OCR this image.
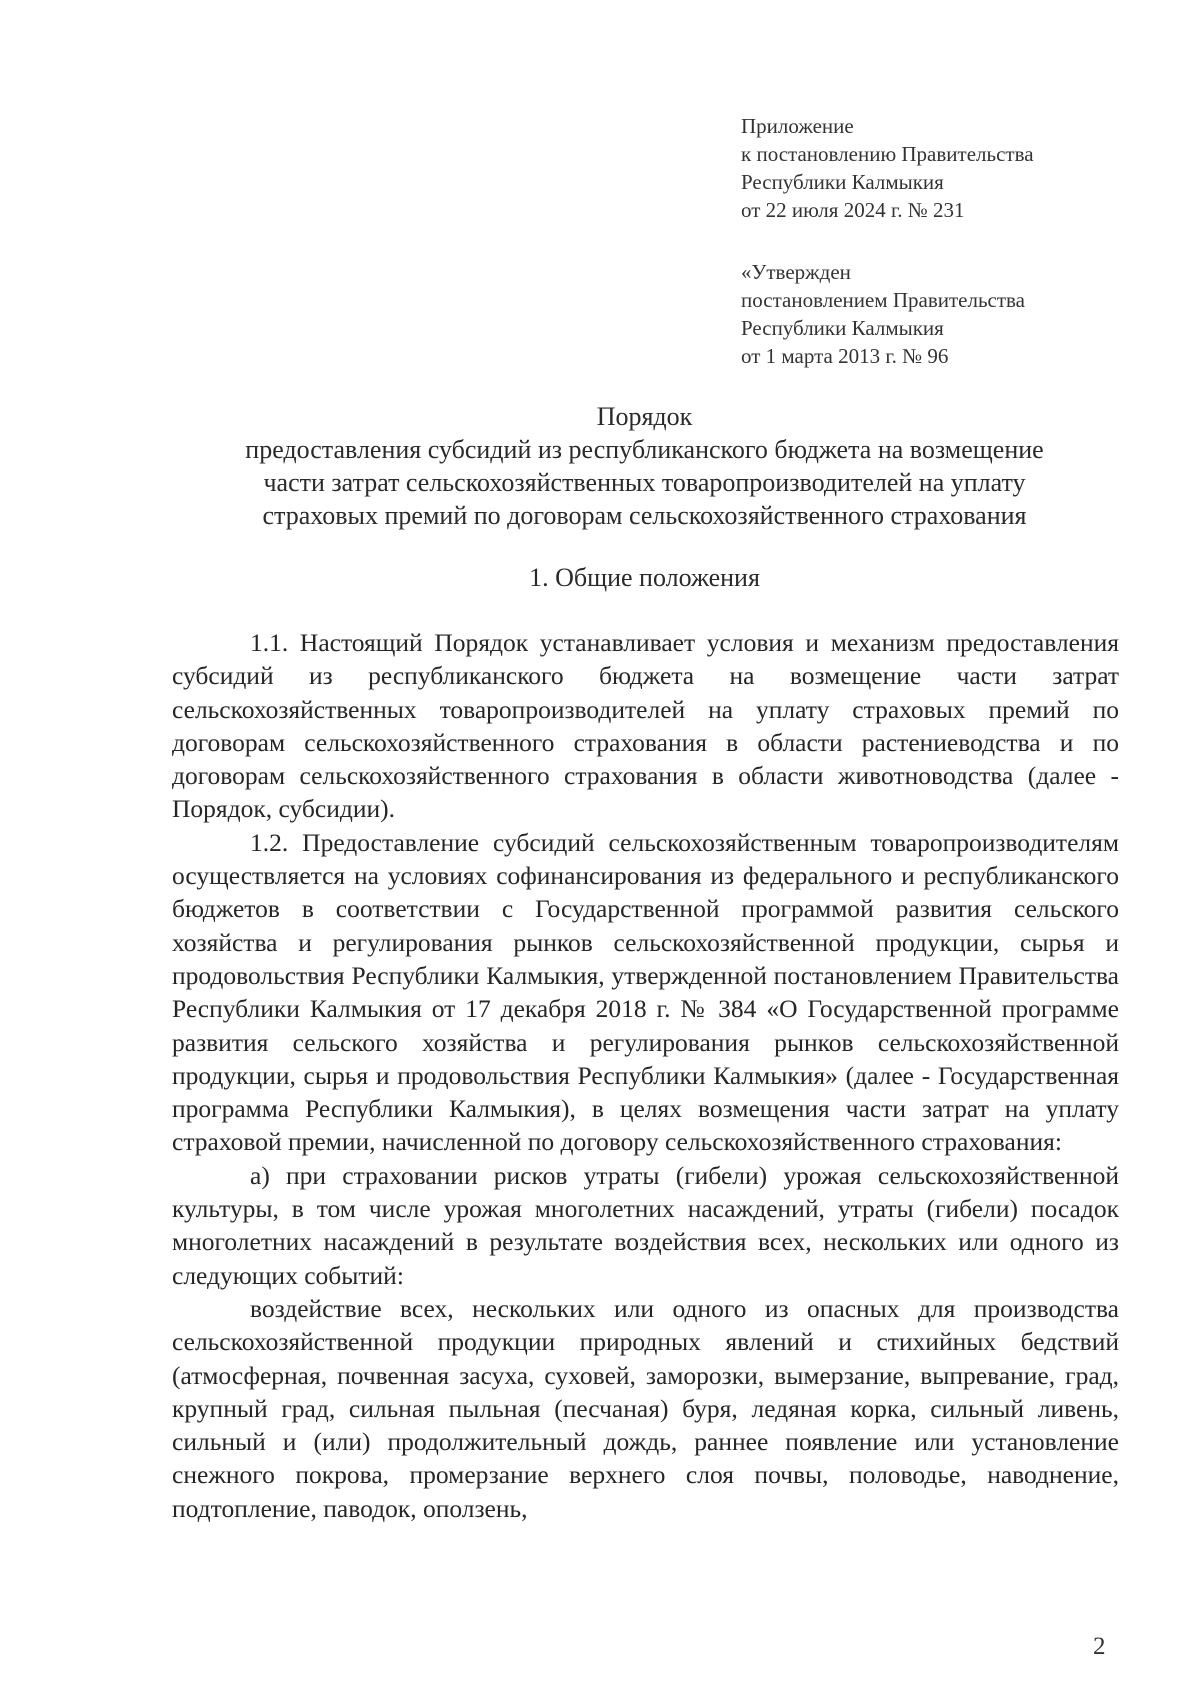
Приложение
к постановлению Правительства
Республики Калмыкия
от 22 июля 2024 г. № 231
«Утвержден
постановлением Правительства
Республики Калмыкия
от 1 марта 2013 г. № 96
Порядок
предоставления субсидий из республиканского бюджета на возмещение
части затрат сельскохозяйственных товаропроизводителей на уплату
страховых премий по договорам сельскохозяйственного страхования
1. Общие положения

1.1. Настоящий Порядок устанавливает условия и механизм предоставления субсидий из республиканского бюджета на возмещение части затрат сельскохозяйственных товаропроизводителей на уплату страховых премий по договорам сельскохозяйственного страхования в области растениеводства и по договорам сельскохозяйственного страхования в области животноводства (далее - Порядок, субсидии).

1.2. Предоставление субсидий сельскохозяйственным товаропроизводителям осуществляется на условиях софинансирования из федерального и республиканского бюджетов в соответствии с Государственной программой развития сельского хозяйства и регулирования рынков сельскохозяйственной продукции, сырья и продовольствия Республики Калмыкия, утвержденной постановлением Правительства Республики Калмыкия от 17 декабря 2018 г. № 384 «О Государственной программе развития сельского хозяйства и регулирования рынков сельскохозяйственной продукции, сырья и продовольствия Республики Калмыкия» (далее - Государственная программа Республики Калмыкия), в целях возмещения части затрат на уплату страховой премии, начисленной по договору сельскохозяйственного страхования:

а) при страховании рисков утраты (гибели) урожая сельскохозяйственной культуры, в том числе урожая многолетних насаждений, утраты (гибели) посадок многолетних насаждений в результате воздействия всех, нескольких или одного из следующих событий:

воздействие всех, нескольких или одного из опасных для производства сельскохозяйственной продукции природных явлений и стихийных бедствий (атмосферная, почвенная засуха, суховей, заморозки, вымерзание, выпревание, град, крупный град, сильная пыльная (песчаная) буря, ледяная корка, сильный ливень, сильный и (или) продолжительный дождь, раннее появление или установление снежного покрова, промерзание верхнего слоя почвы, половодье, наводнение, подтопление, паводок, оползень,

2
